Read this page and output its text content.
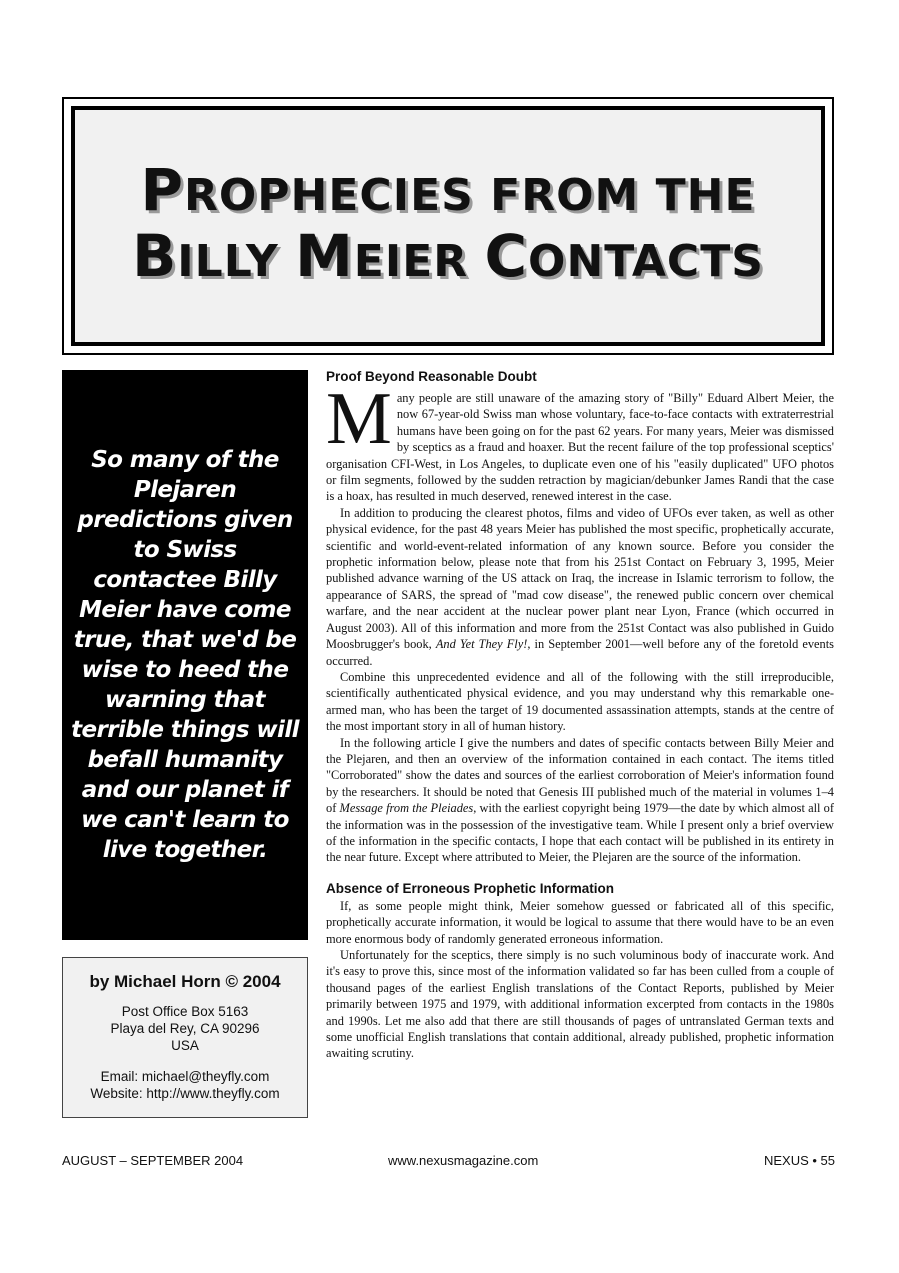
PROPHECIES FROM THE
BILLY MEIER CONTACTS
So many of the Plejaren predictions given to Swiss contactee Billy Meier have come true, that we'd be wise to heed the warning that terrible things will befall humanity and our planet if we can't learn to live together.
by Michael Horn © 2004
Post Office Box 5163
Playa del Rey, CA 90296
USA
Email: michael@theyfly.com
Website: http://www.theyfly.com
Proof Beyond Reasonable Doubt

Many people are still unaware of the amazing story of "Billy" Eduard Albert Meier, the now 67-year-old Swiss man whose voluntary, face-to-face contacts with extraterrestrial humans have been going on for the past 62 years. For many years, Meier was dismissed by sceptics as a fraud and hoaxer. But the recent failure of the top professional sceptics' organisation CFI-West, in Los Angeles, to duplicate even one of his "easily duplicated" UFO photos or film segments, followed by the sudden retraction by magician/debunker James Randi that the case is a hoax, has resulted in much deserved, renewed interest in the case.

In addition to producing the clearest photos, films and video of UFOs ever taken, as well as other physical evidence, for the past 48 years Meier has published the most specific, prophetically accurate, scientific and world-event-related information of any known source. Before you consider the prophetic information below, please note that from his 251st Contact on February 3, 1995, Meier published advance warning of the US attack on Iraq, the increase in Islamic terrorism to follow, the appearance of SARS, the spread of "mad cow disease", the renewed public concern over chemical warfare, and the near accident at the nuclear power plant near Lyon, France (which occurred in August 2003). All of this information and more from the 251st Contact was also published in Guido Moosbrugger's book, And Yet They Fly!, in September 2001—well before any of the foretold events occurred.

Combine this unprecedented evidence and all of the following with the still irreproducible, scientifically authenticated physical evidence, and you may understand why this remarkable one-armed man, who has been the target of 19 documented assassination attempts, stands at the centre of the most important story in all of human history.

In the following article I give the numbers and dates of specific contacts between Billy Meier and the Plejaren, and then an overview of the information contained in each contact. The items titled "Corroborated" show the dates and sources of the earliest corroboration of Meier's information found by the researchers. It should be noted that Genesis III published much of the material in volumes 1–4 of Message from the Pleiades, with the earliest copyright being 1979—the date by which almost all of the information was in the possession of the investigative team. While I present only a brief overview of the information in the specific contacts, I hope that each contact will be published in its entirety in the near future. Except where attributed to Meier, the Plejaren are the source of the information.

Absence of Erroneous Prophetic Information

If, as some people might think, Meier somehow guessed or fabricated all of this specific, prophetically accurate information, it would be logical to assume that there would have to be an even more enormous body of randomly generated erroneous information.

Unfortunately for the sceptics, there simply is no such voluminous body of inaccurate work. And it's easy to prove this, since most of the information validated so far has been culled from a couple of thousand pages of the earliest English translations of the Contact Reports, published by Meier primarily between 1975 and 1979, with additional information excerpted from contacts in the 1980s and 1990s. Let me also add that there are still thousands of pages of untranslated German texts and some unofficial English translations that contain additional, already published, prophetic information awaiting scrutiny.

AUGUST – SEPTEMBER 2004	www.nexusmagazine.com	NEXUS • 55
